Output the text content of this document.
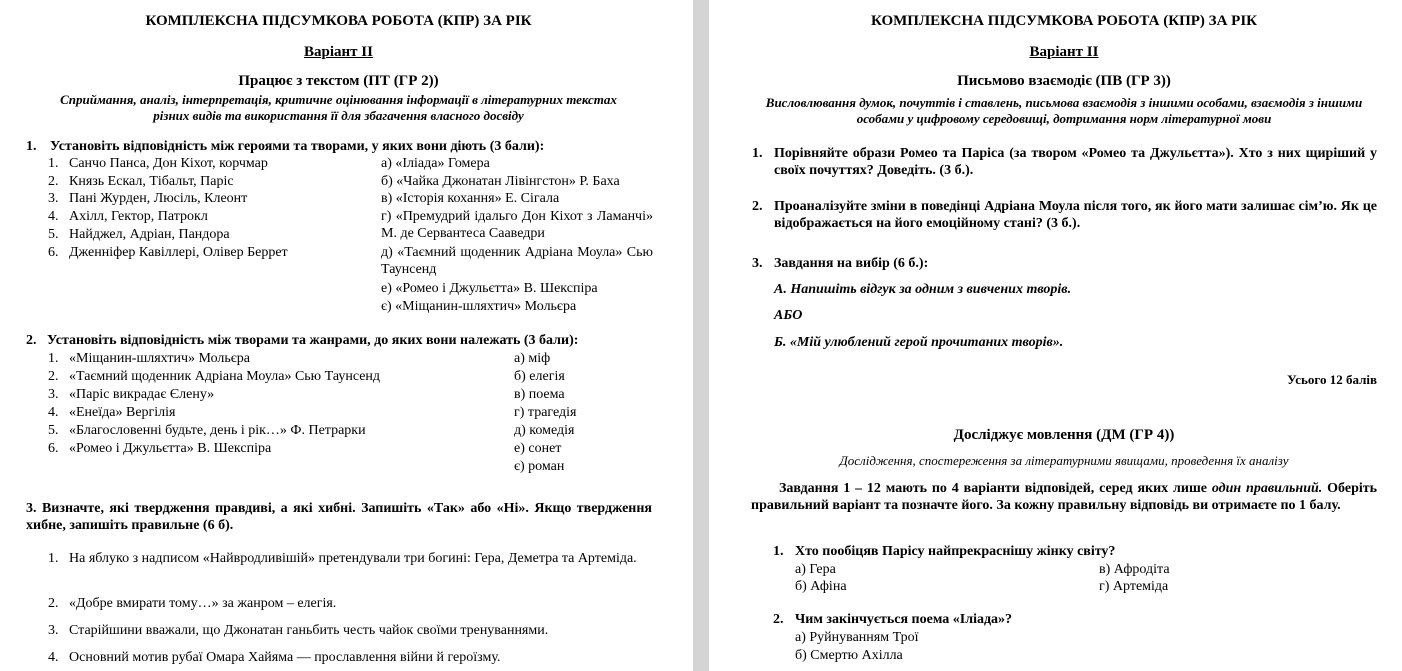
КОМПЛЕКСНА ПІДСУМКОВА РОБОТА (КПР) ЗА РІК
Варіант ІІ
Працює з текстом (ПТ (ГР 2))
Сприймання, аналіз, інтерпретація, критичне оцінювання інформації в літературних текстах різних видів та використання її для збагачення власного досвіду
1. Установіть відповідність між героями та творами, у яких вони діють (3 бали):
1. Санчо Панса, Дон Кіхот, корчмар
2. Князь Ескал, Тібальт, Паріс
3. Пані Журден, Люсіль, Клеонт
4. Ахілл, Гектор, Патрокл
5. Найджел, Адріан, Пандора
6. Дженніфер Кавіллері, Олівер Беррет
а) «Іліада» Гомера
б) «Чайка Джонатан Лівінгстон» Р. Баха
в) «Історія кохання» Е. Сігала
г) «Премудрий ідальго Дон Кіхот з Ламанчі» М. де Сервантеса Сааведри
д) «Таємний щоденник Адріана Моула» Сью Таунсенд
е) «Ромео і Джульєтта» В. Шекспіра
є) «Міщанин-шляхтич» Мольєра
2. Установіть відповідність між творами та жанрами, до яких вони належать (3 бали):
1. «Міщанин-шляхтич» Мольєра
2. «Таємний щоденник Адріана Моула» Сью Таунсенд
3. «Паріс викрадає Єлену»
4. «Енеїда» Вергілія
5. «Благословенні будьте, день і рік…» Ф. Петрарки
6. «Ромео і Джульєтта» В. Шекспіра
а) міф
б) елегія
в) поема
г) трагедія
д) комедія
е) сонет
є) роман
3. Визначте, які твердження правдиві, а які хибні. Запишіть «Так» або «Ні». Якщо твердження хибне, запишіть правильне (6 б).
1. На яблуко з надписом «Найвродливішій» претендували три богині: Гера, Деметра та Артеміда.
2. «Добре вмирати тому…» за жанром – елегія.
3. Старійшини вважали, що Джонатан ганьбить честь чайок своїми тренуваннями.
4. Основний мотив рубаї Омара Хайяма — прославлення війни й героїзму.
КОМПЛЕКСНА ПІДСУМКОВА РОБОТА (КПР) ЗА РІК
Варіант ІІ
Письмово взаємодіє (ПВ (ГР 3))
Висловлювання думок, почуттів і ставлень, письмова взаємодія з іншими особами, взаємодія з іншими особами у цифровому середовищі, дотримання норм літературної мови
1. Порівняйте образи Ромео та Паріса (за твором «Ромео та Джульєтта»). Хто з них щиріший у своїх почуттях? Доведіть. (3 б.).
2. Проаналізуйте зміни в поведінці Адріана Моула після того, як його мати залишає сім’ю. Як це відображається на його емоційному стані? (3 б.).
3. Завдання на вибір (6 б.):
А. Напишіть відгук за одним з вивчених творів.
АБО
Б. «Мій улюблений герой прочитаних творів».
Усього 12 балів
Досліджує мовлення (ДМ (ГР 4))
Дослідження, спостереження за літературними явищами, проведення їх аналізу
Завдання 1 – 12 мають по 4 варіанти відповідей, серед яких лише один правильний. Оберіть правильний варіант та позначте його. За кожну правильну відповідь ви отримаєте по 1 балу.
1. Хто пообіцяв Парісу найпрекраснішу жінку світу?
а) Гера	в) Афродіта
б) Афіна	г) Артеміда
2. Чим закінчується поема «Іліада»?
а) Руйнуванням Трої
б) Смертю Ахілла
